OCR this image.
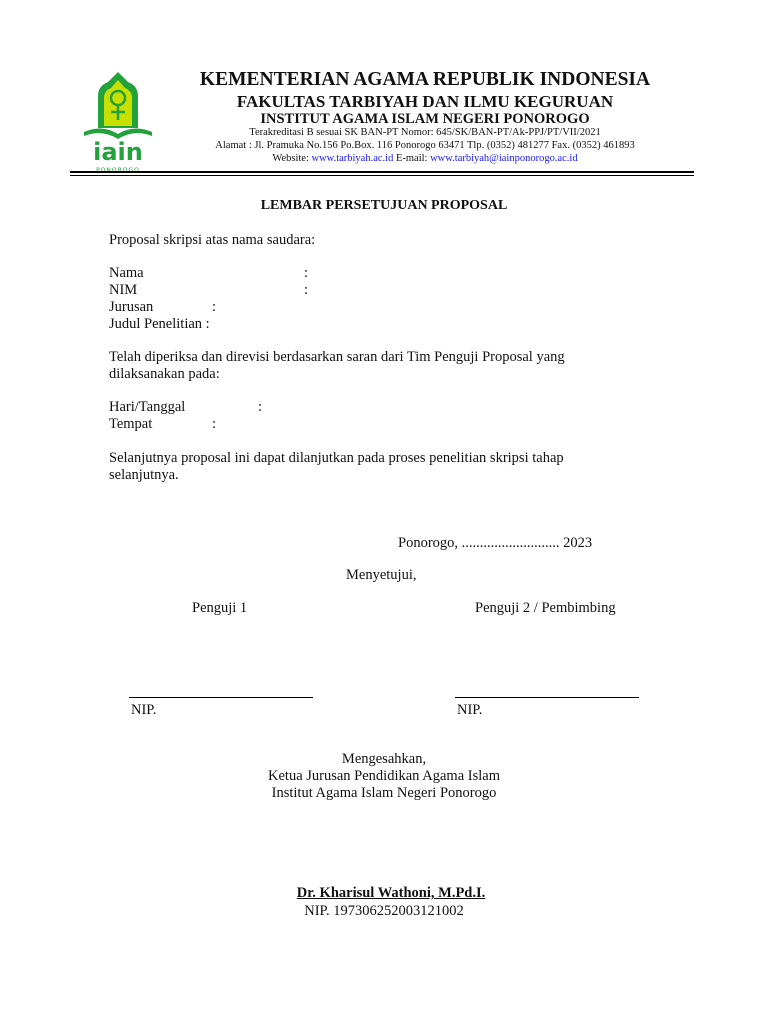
iain
PONOROGO
KEMENTERIAN AGAMA REPUBLIK INDONESIA
FAKULTAS TARBIYAH DAN ILMU KEGURUAN
INSTITUT AGAMA ISLAM NEGERI PONOROGO
Terakreditasi B sesuai SK BAN-PT Nomor: 645/SK/BAN-PT/Ak-PPJ/PT/VII/2021
Alamat : Jl. Pramuka No.156 Po.Box. 116 Ponorogo 63471 Tlp. (0352) 481277 Fax. (0352) 461893
Website: www.tarbiyah.ac.id E-mail: www.tarbiyah@iainponorogo.ac.id
LEMBAR PERSETUJUAN PROPOSAL
Proposal skripsi atas nama saudara:
Nama	:
NIM	:
Jurusan	:
Judul Penelitian :
Telah diperiksa dan direvisi berdasarkan saran dari Tim Penguji Proposal yang
dilaksanakan pada:
Hari/Tanggal	:
Tempat	:
Selanjutnya proposal ini dapat dilanjutkan pada proses penelitian skripsi tahap
selanjutnya.
Ponorogo, ........................... 2023
Menyetujui,
Penguji 1	Penguji 2 / Pembimbing
NIP.	NIP.
Mengesahkan,
Ketua Jurusan Pendidikan Agama Islam
Institut Agama Islam Negeri Ponorogo
Dr. Kharisul Wathoni, M.Pd.I.
NIP. 197306252003121002
